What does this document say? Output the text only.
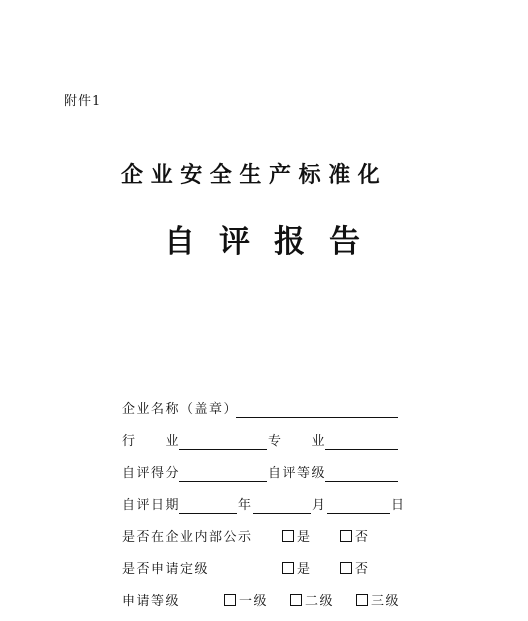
附件1
企业安全生产标准化
自评报告
企业名称（盖章）
行　　业	专　　业
自评得分	自评等级
自评日期	年	月	日
是否在企业内部公示	是	否
是否申请定级	是	否
申请等级	一级	二级	三级
